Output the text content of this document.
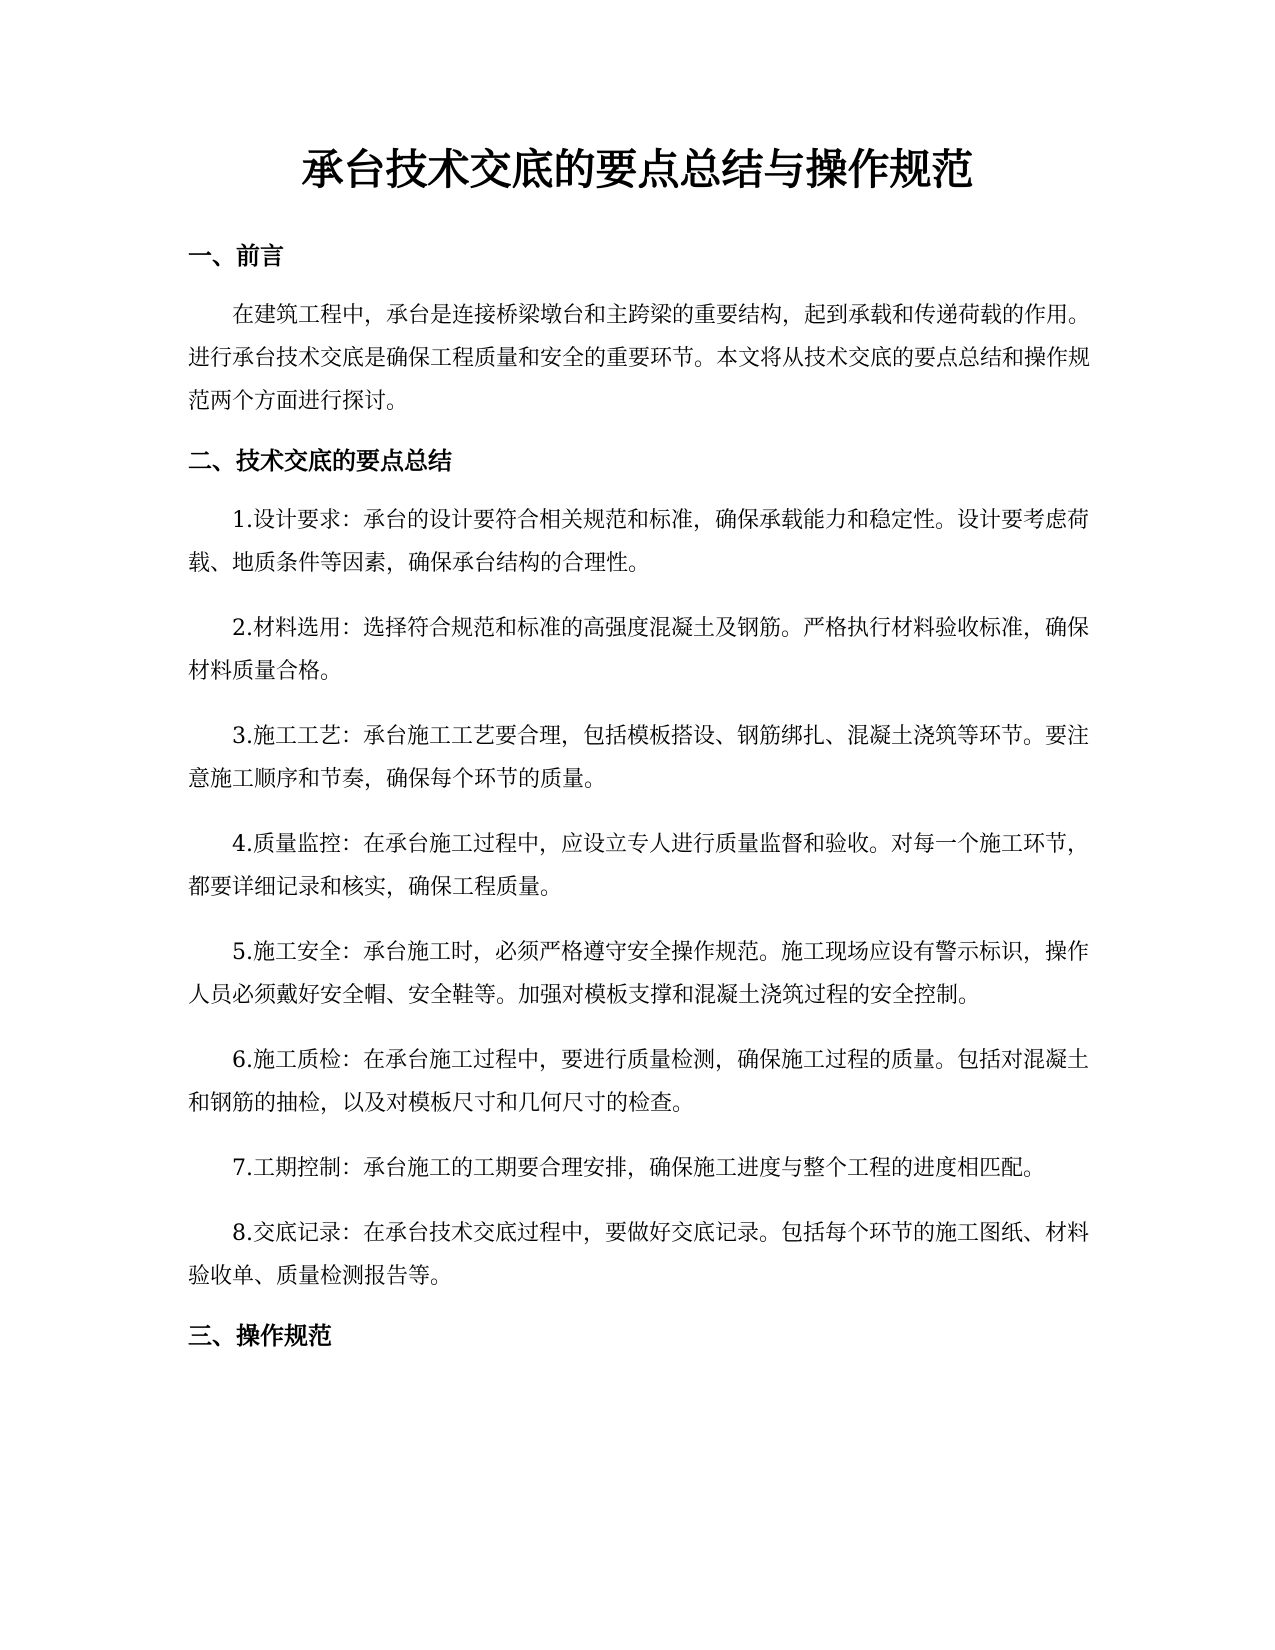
承台技术交底的要点总结与操作规范
一、前言

在建筑工程中，承台是连接桥梁墩台和主跨梁的重要结构，起到承载和传递荷载的作用。进行承台技术交底是确保工程质量和安全的重要环节。本文将从技术交底的要点总结和操作规范两个方面进行探讨。

二、技术交底的要点总结

1.设计要求：承台的设计要符合相关规范和标准，确保承载能力和稳定性。设计要考虑荷载、地质条件等因素，确保承台结构的合理性。

2.材料选用：选择符合规范和标准的高强度混凝土及钢筋。严格执行材料验收标准，确保材料质量合格。

3.施工工艺：承台施工工艺要合理，包括模板搭设、钢筋绑扎、混凝土浇筑等环节。要注意施工顺序和节奏，确保每个环节的质量。

4.质量监控：在承台施工过程中，应设立专人进行质量监督和验收。对每一个施工环节，都要详细记录和核实，确保工程质量。

5.施工安全：承台施工时，必须严格遵守安全操作规范。施工现场应设有警示标识，操作人员必须戴好安全帽、安全鞋等。加强对模板支撑和混凝土浇筑过程的安全控制。

6.施工质检：在承台施工过程中，要进行质量检测，确保施工过程的质量。包括对混凝土和钢筋的抽检，以及对模板尺寸和几何尺寸的检查。

7.工期控制：承台施工的工期要合理安排，确保施工进度与整个工程的进度相匹配。

8.交底记录：在承台技术交底过程中，要做好交底记录。包括每个环节的施工图纸、材料验收单、质量检测报告等。

三、操作规范
